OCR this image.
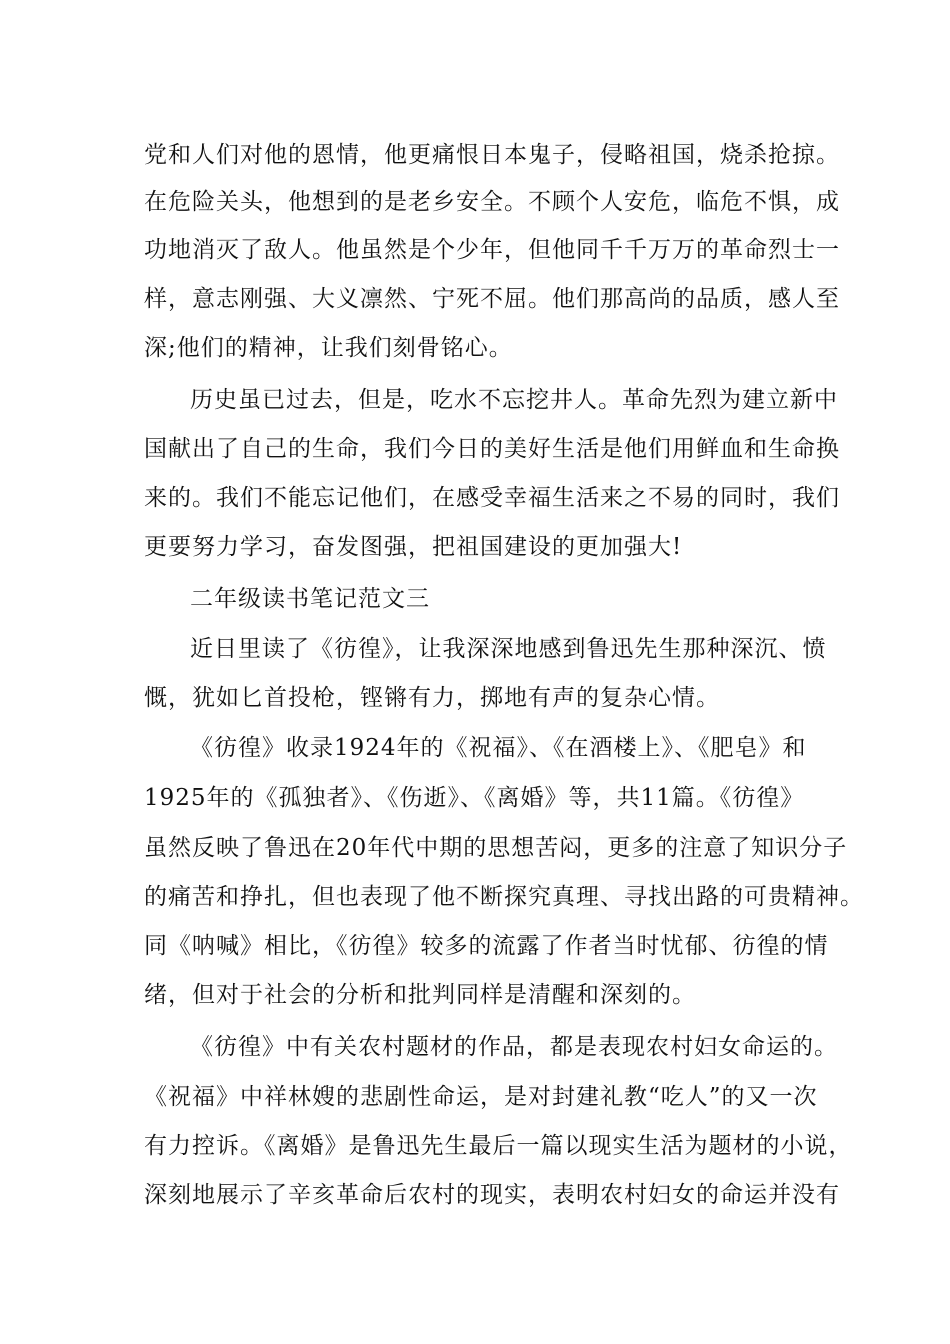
党和人们对他的恩情，他更痛恨日本鬼子，侵略祖国，烧杀抢掠。
在危险关头，他想到的是老乡安全。不顾个人安危，临危不惧，成
功地消灭了敌人。他虽然是个少年，但他同千千万万的革命烈士一
样，意志刚强、大义凛然、宁死不屈。他们那高尚的品质，感人至
深;他们的精神，让我们刻骨铭心。
历史虽已过去，但是，吃水不忘挖井人。革命先烈为建立新中
国献出了自己的生命，我们今日的美好生活是他们用鲜血和生命换
来的。我们不能忘记他们，在感受幸福生活来之不易的同时，我们
更要努力学习，奋发图强，把祖国建设的更加强大!
二年级读书笔记范文三
近日里读了《彷徨》，让我深深地感到鲁迅先生那种深沉、愤
慨，犹如匕首投枪，铿锵有力，掷地有声的复杂心情。
《彷徨》收录1924年的《祝福》、《在酒楼上》、《肥皂》和
1925年的《孤独者》、《伤逝》、《离婚》等，共11篇。《彷徨》
虽然反映了鲁迅在20年代中期的思想苦闷，更多的注意了知识分子
的痛苦和挣扎，但也表现了他不断探究真理、寻找出路的可贵精神。
同《呐喊》相比，《彷徨》较多的流露了作者当时忧郁、彷徨的情
绪，但对于社会的分析和批判同样是清醒和深刻的。
《彷徨》中有关农村题材的作品，都是表现农村妇女命运的。
《祝福》中祥林嫂的悲剧性命运，是对封建礼教“吃人”的又一次
有力控诉。《离婚》是鲁迅先生最后一篇以现实生活为题材的小说，
深刻地展示了辛亥革命后农村的现实，表明农村妇女的命运并没有
